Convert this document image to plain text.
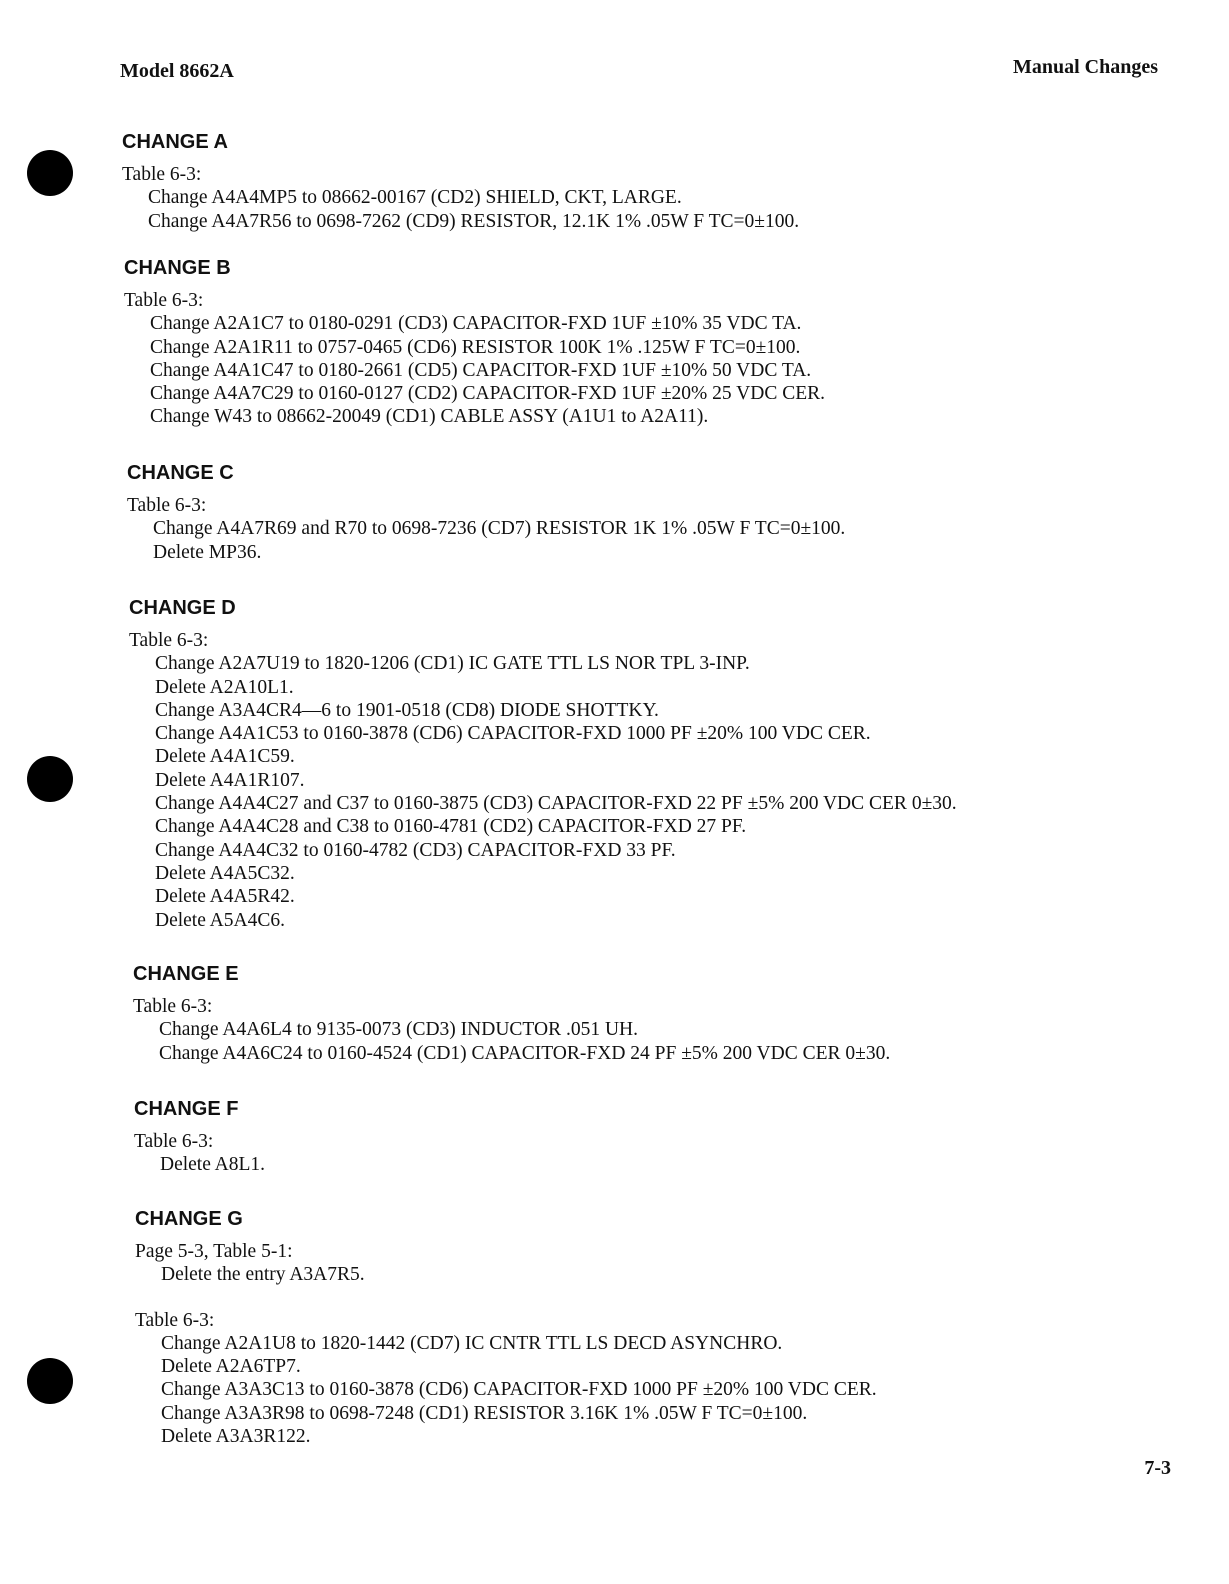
Model 8662A	Manual Changes
CHANGE A
Table 6-3:
Change A4A4MP5 to 08662-00167 (CD2) SHIELD, CKT, LARGE.
Change A4A7R56 to 0698-7262 (CD9) RESISTOR, 12.1K 1% .05W F TC=0±100.
CHANGE B
Table 6-3:
Change A2A1C7 to 0180-0291 (CD3) CAPACITOR-FXD 1UF ±10% 35 VDC TA.
Change A2A1R11 to 0757-0465 (CD6) RESISTOR 100K 1% .125W F TC=0±100.
Change A4A1C47 to 0180-2661 (CD5) CAPACITOR-FXD 1UF ±10% 50 VDC TA.
Change A4A7C29 to 0160-0127 (CD2) CAPACITOR-FXD 1UF ±20% 25 VDC CER.
Change W43 to 08662-20049 (CD1) CABLE ASSY (A1U1 to A2A11).
CHANGE C
Table 6-3:
Change A4A7R69 and R70 to 0698-7236 (CD7) RESISTOR 1K 1% .05W F TC=0±100.
Delete MP36.
CHANGE D
Table 6-3:
Change A2A7U19 to 1820-1206 (CD1) IC GATE TTL LS NOR TPL 3-INP.
Delete A2A10L1.
Change A3A4CR4—6 to 1901-0518 (CD8) DIODE SHOTTKY.
Change A4A1C53 to 0160-3878 (CD6) CAPACITOR-FXD 1000 PF ±20% 100 VDC CER.
Delete A4A1C59.
Delete A4A1R107.
Change A4A4C27 and C37 to 0160-3875 (CD3) CAPACITOR-FXD 22 PF ±5% 200 VDC CER 0±30.
Change A4A4C28 and C38 to 0160-4781 (CD2) CAPACITOR-FXD 27 PF.
Change A4A4C32 to 0160-4782 (CD3) CAPACITOR-FXD 33 PF.
Delete A4A5C32.
Delete A4A5R42.
Delete A5A4C6.
CHANGE E
Table 6-3:
Change A4A6L4 to 9135-0073 (CD3) INDUCTOR .051 UH.
Change A4A6C24 to 0160-4524 (CD1) CAPACITOR-FXD 24 PF ±5% 200 VDC CER 0±30.
CHANGE F
Table 6-3:
Delete A8L1.
CHANGE G
Page 5-3, Table 5-1:
Delete the entry A3A7R5.
Table 6-3:
Change A2A1U8 to 1820-1442 (CD7) IC CNTR TTL LS DECD ASYNCHRO.
Delete A2A6TP7.
Change A3A3C13 to 0160-3878 (CD6) CAPACITOR-FXD 1000 PF ±20% 100 VDC CER.
Change A3A3R98 to 0698-7248 (CD1) RESISTOR 3.16K 1% .05W F TC=0±100.
Delete A3A3R122.
7-3
